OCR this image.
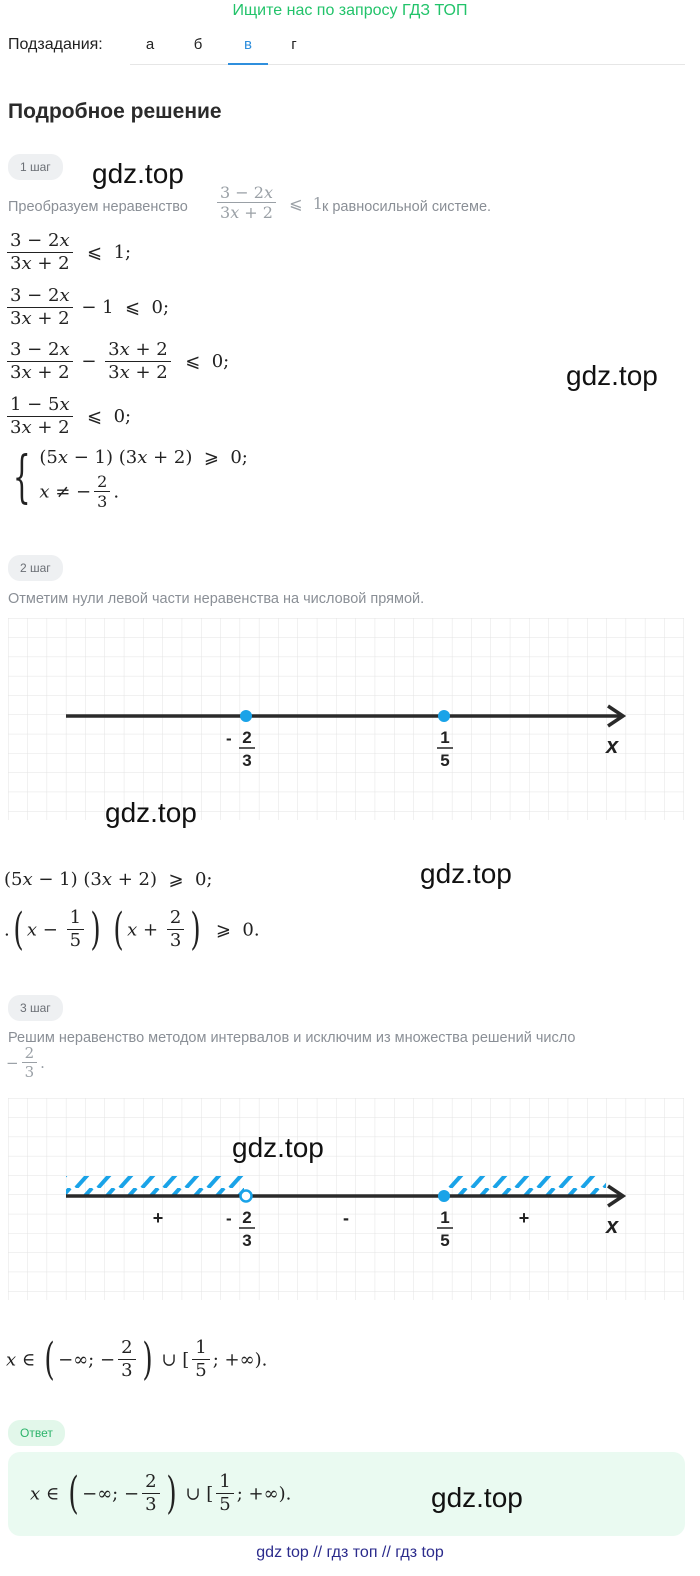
Ищите нас по запросу ГДЗ ТОП
Подзадания:	а	б	в	г
Подробное решение
1 шаг	gdz.top
Преобразуем неравенство $\frac{3 - 2x}{3x + 2}$ ⩽  1 к равносильной системе.
$\frac{3 - 2x}{3x + 2}$ ⩽  1;
$\frac{3 - 2x}{3x + 2} - 1$  ⩽  0;
$\frac{3 - 2x}{3x + 2} - \frac{3x + 2}{3x + 2}$ ⩽  0;	gdz.top
$\frac{1 - 5x}{3x + 2}$ ⩽  0;
{ (5x − 1) (3x + 2)  ⩾  0;
x ≠ − $\frac{2}{3}$ .
2 шаг
Отметим нули левой части неравенства на числовой прямой.
- 2
3
1
5
x
gdz.top
(5x − 1) (3x + 2)  ⩾  0;	gdz.top
.( $x - \frac{1}{5}$ ) ( $x + \frac{2}{3}$ )  ⩾  0.
3 шаг
Решим неравенство методом интервалов и исключим из множества решений число
− $\frac{2}{3}$ .
+	-	+
- 2
3
1
5
x
gdz.top
x ∈ ( −∞; − $\frac{2}{3}$ ) ∪ [ $\frac{1}{5}$ ; +∞).
Ответ
x ∈ ( −∞; − $\frac{2}{3}$ ) ∪ [ $\frac{1}{5}$ ; +∞).	gdz.top
gdz top // гдз топ // гдз top
